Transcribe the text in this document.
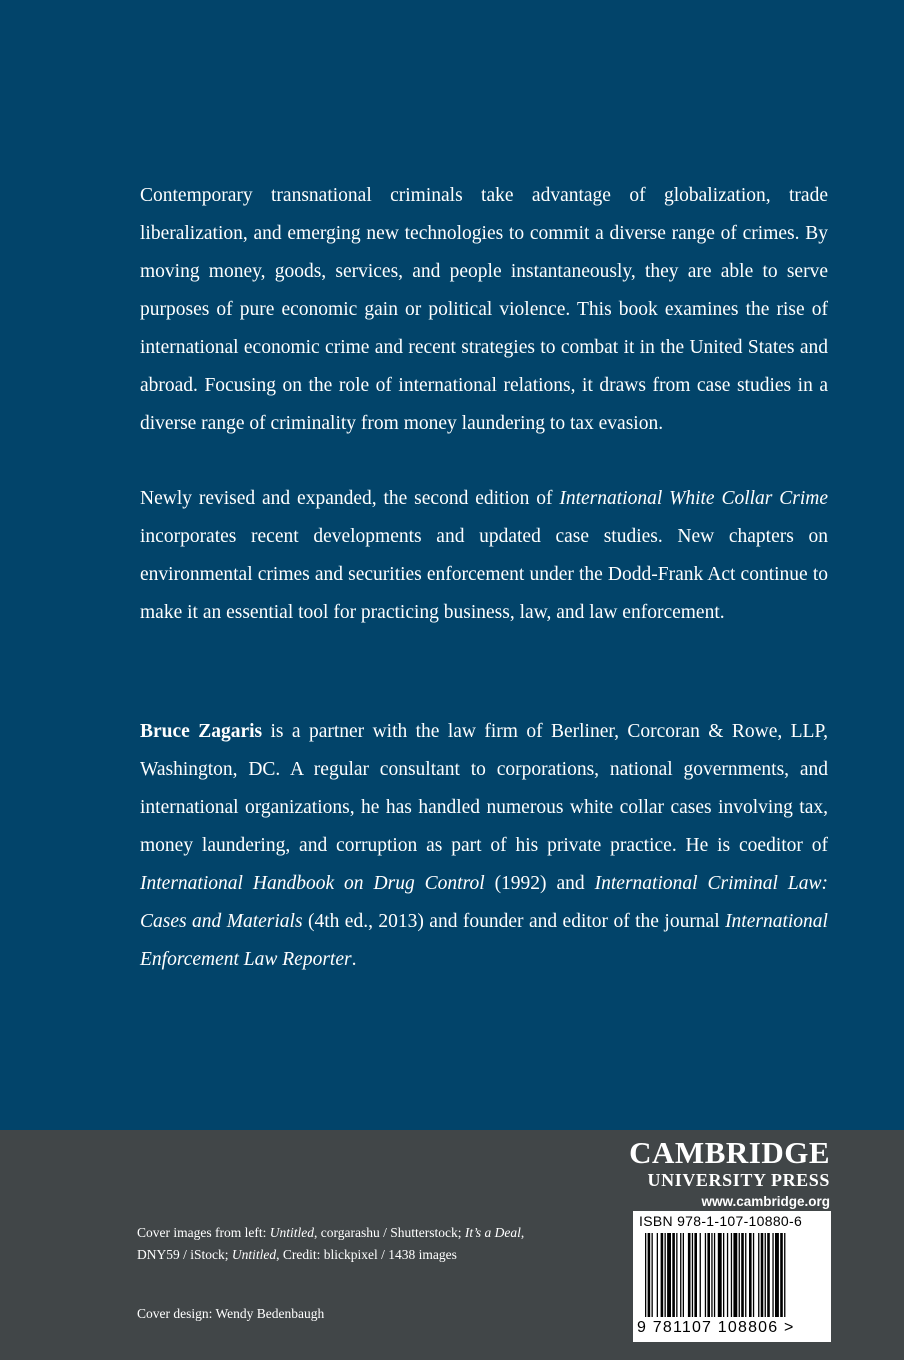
Contemporary transnational criminals take advantage of globalization, trade liberalization, and emerging new technologies to commit a diverse range of crimes. By moving money, goods, services, and people instantaneously, they are able to serve purposes of pure economic gain or political violence. This book examines the rise of international economic crime and recent strategies to combat it in the United States and abroad. Focusing on the role of international relations, it draws from case studies in a diverse range of criminality from money laundering to tax evasion.

Newly revised and expanded, the second edition of International White Collar Crime incorporates recent developments and updated case studies. New chapters on environmental crimes and securities enforcement under the Dodd-Frank Act continue to make it an essential tool for practicing business, law, and law enforcement.

Bruce Zagaris is a partner with the law firm of Berliner, Corcoran & Rowe, LLP, Washington, DC. A regular consultant to corporations, national governments, and international organizations, he has handled numerous white collar cases involving tax, money laundering, and corruption as part of his private practice. He is coeditor of International Handbook on Drug Control (1992) and International Criminal Law: Cases and Materials (4th ed., 2013) and founder and editor of the journal International Enforcement Law Reporter.

CAMBRIDGE
UNIVERSITY PRESS
www.cambridge.org
ISBN 978-1-107-10880-6
9 781107 108806 >
Cover images from left: Untitled, corgarashu / Shutterstock; It’s a Deal, DNY59 / iStock; Untitled, Credit: blickpixel / 1438 images
Cover design: Wendy Bedenbaugh
